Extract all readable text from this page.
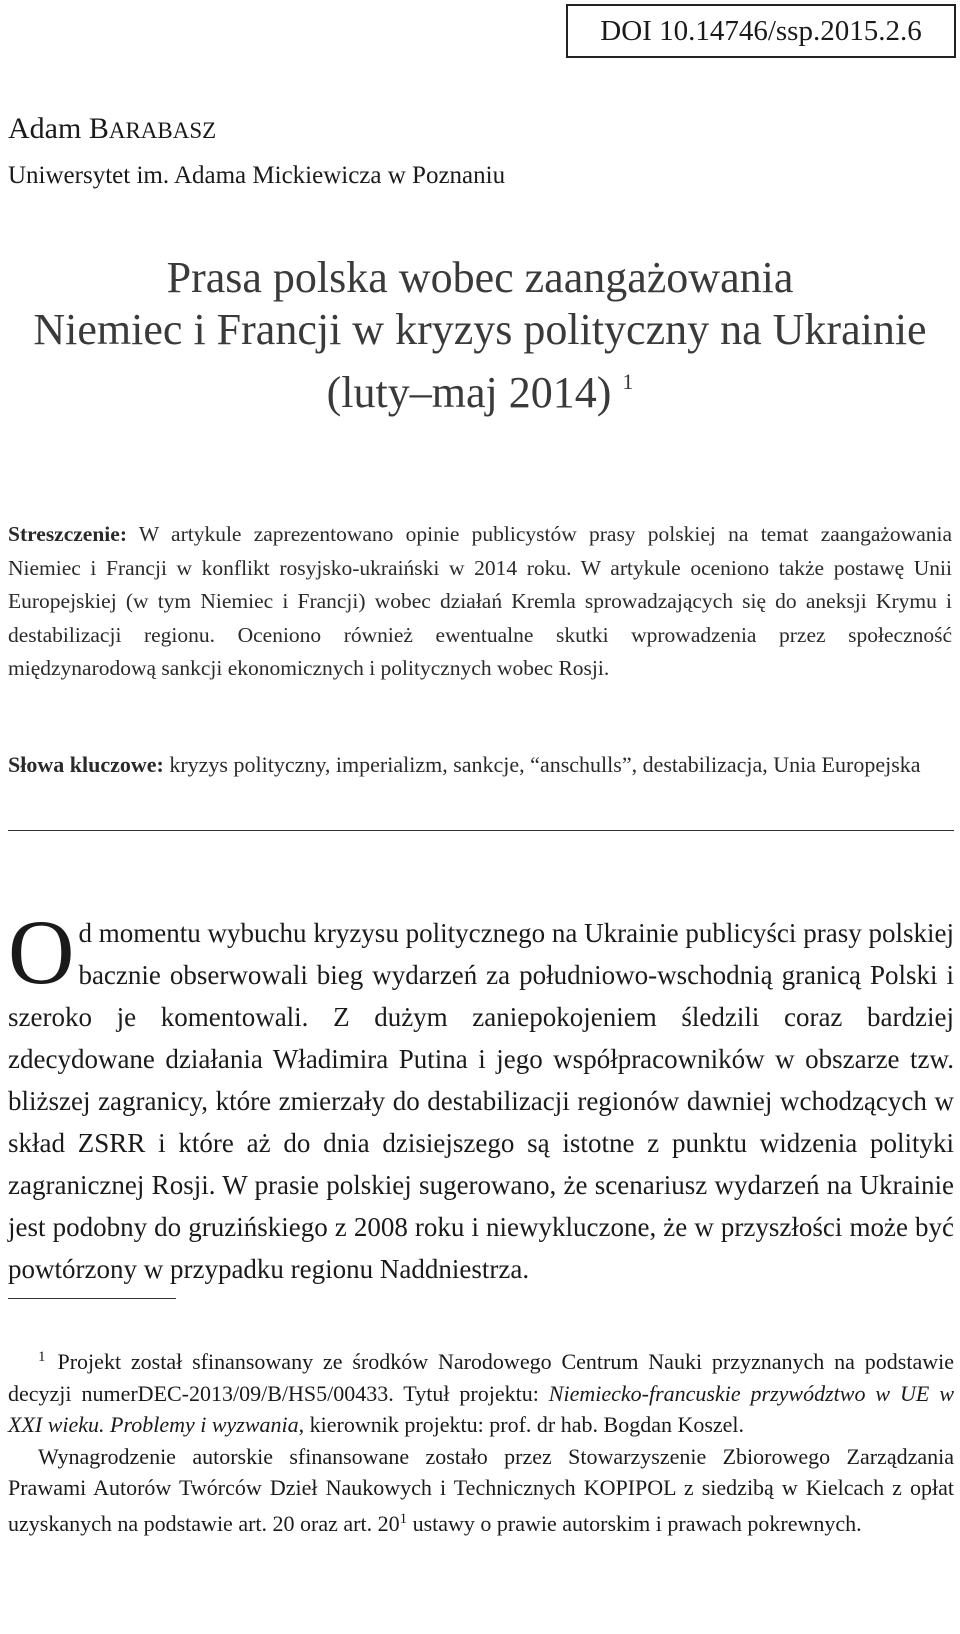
DOI 10.14746/ssp.2015.2.6
Adam BARABASZ
Uniwersytet im. Adama Mickiewicza w Poznaniu
Prasa polska wobec zaangażowania
Niemiec i Francji w kryzys polityczny na Ukrainie
(luty–maj 2014) $^1$
Streszczenie: W artykule zaprezentowano opinie publicystów prasy polskiej na temat zaangażowania Niemiec i Francji w konflikt rosyjsko-ukraiński w 2014 roku. W artykule oceniono także postawę Unii Europejskiej (w tym Niemiec i Francji) wobec działań Kremla sprowadzających się do aneksji Krymu i destabilizacji regionu. Oceniono również ewentualne skutki wprowadzenia przez społeczność międzynarodową sankcji ekonomicznych i politycznych wobec Rosji.
Słowa kluczowe: kryzys polityczny, imperializm, sankcje, “anschulls”, destabilizacja, Unia Europejska
Od momentu wybuchu kryzysu politycznego na Ukrainie publicyści prasy polskiej bacznie obserwowali bieg wydarzeń za południowo-wschodnią granicą Polski i szeroko je komentowali. Z dużym zaniepokojeniem śledzili coraz bardziej zdecydowane działania Władimira Putina i jego współpracowników w obszarze tzw. bliższej zagranicy, które zmierzały do destabilizacji regionów dawniej wchodzących w skład ZSRR i które aż do dnia dzisiejszego są istotne z punktu widzenia polityki zagranicznej Rosji. W prasie polskiej sugerowano, że scenariusz wydarzeń na Ukrainie jest podobny do gruzińskiego z 2008 roku i niewykluczone, że w przyszłości może być powtórzony w przypadku regionu Naddniestrza.

$^1$ Projekt został sfinansowany ze środków Narodowego Centrum Nauki przyznanych na podstawie decyzji numerDEC-2013/09/B/HS5/00433. Tytuł projektu: Niemiecko-francuskie przywództwo w UE w XXI wieku. Problemy i wyzwania, kierownik projektu: prof. dr hab. Bogdan Koszel.

Wynagrodzenie autorskie sfinansowane zostało przez Stowarzyszenie Zbiorowego Zarządzania Prawami Autorów Twórców Dzieł Naukowych i Technicznych KOPIPOL z siedzibą w Kielcach z opłat uzyskanych na podstawie art. 20 oraz art. $20^1$ ustawy o prawie autorskim i prawach pokrewnych.
